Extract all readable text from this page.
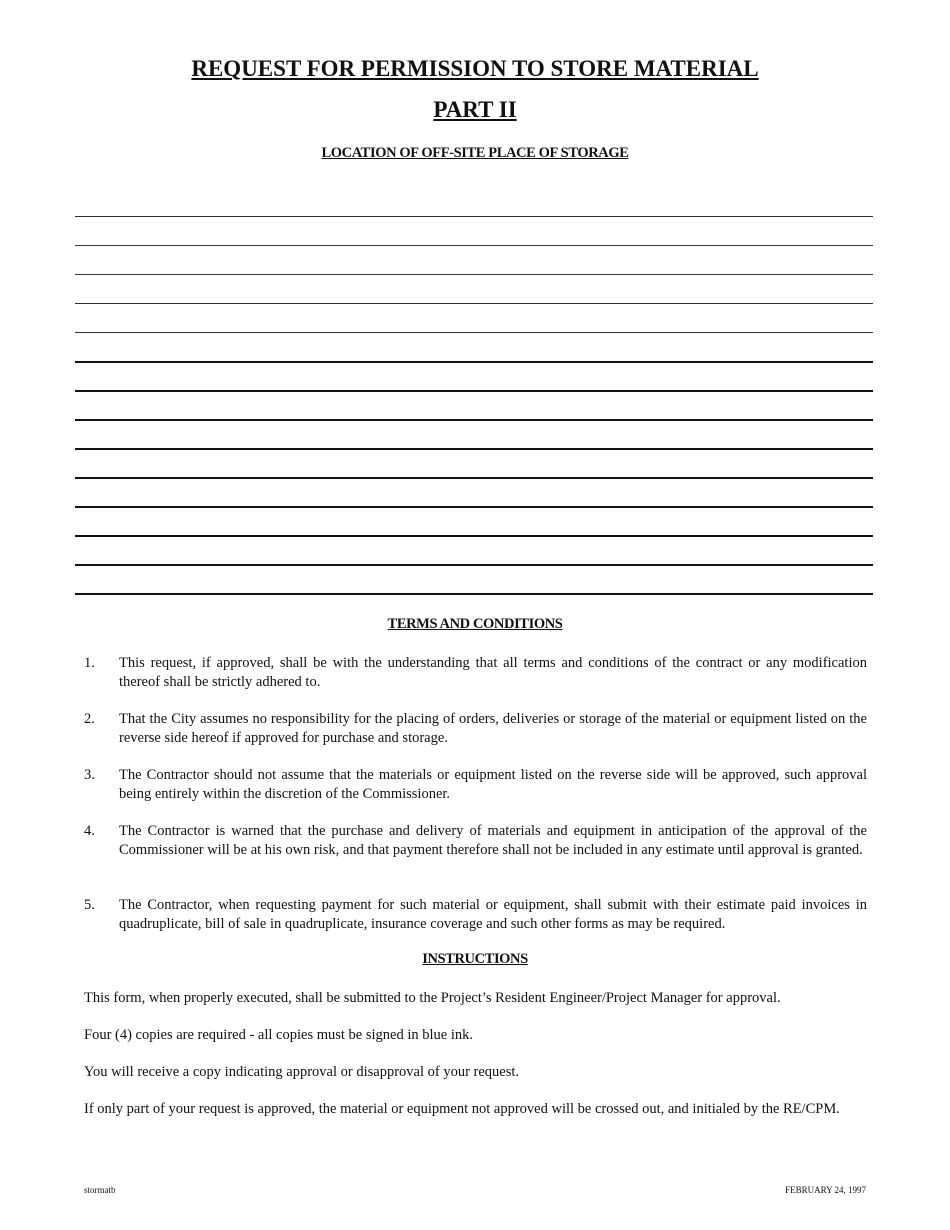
REQUEST FOR PERMISSION TO STORE MATERIAL
PART II
LOCATION OF OFF-SITE PLACE OF STORAGE
TERMS AND CONDITIONS
1.	This request, if approved, shall be with the understanding that all terms and conditions of the contract or any modification thereof shall be strictly adhered to.
2.	That the City assumes no responsibility for the placing of orders, deliveries or storage of the material or equipment listed on the reverse side hereof if approved for purchase and storage.
3.	The Contractor should not assume that the materials or equipment listed on the reverse side will be approved, such approval being entirely within the discretion of the Commissioner.
4.	The Contractor is warned that the purchase and delivery of materials and equipment in anticipation of the approval of the Commissioner will be at his own risk, and that payment therefore shall not be included in any estimate until approval is granted.
5.	The Contractor, when requesting payment for such material or equipment, shall submit with their estimate paid invoices in quadruplicate, bill of sale in quadruplicate, insurance coverage and such other forms as may be required.
INSTRUCTIONS

This form, when properly executed, shall be submitted to the Project’s Resident Engineer/Project Manager for approval.

Four (4) copies are required - all copies must be signed in blue ink.

You will receive a copy indicating approval or disapproval of your request.

If only part of your request is approved, the material or equipment not approved will be crossed out, and initialed by the RE/CPM.

stormatb	FEBRUARY 24, 1997
